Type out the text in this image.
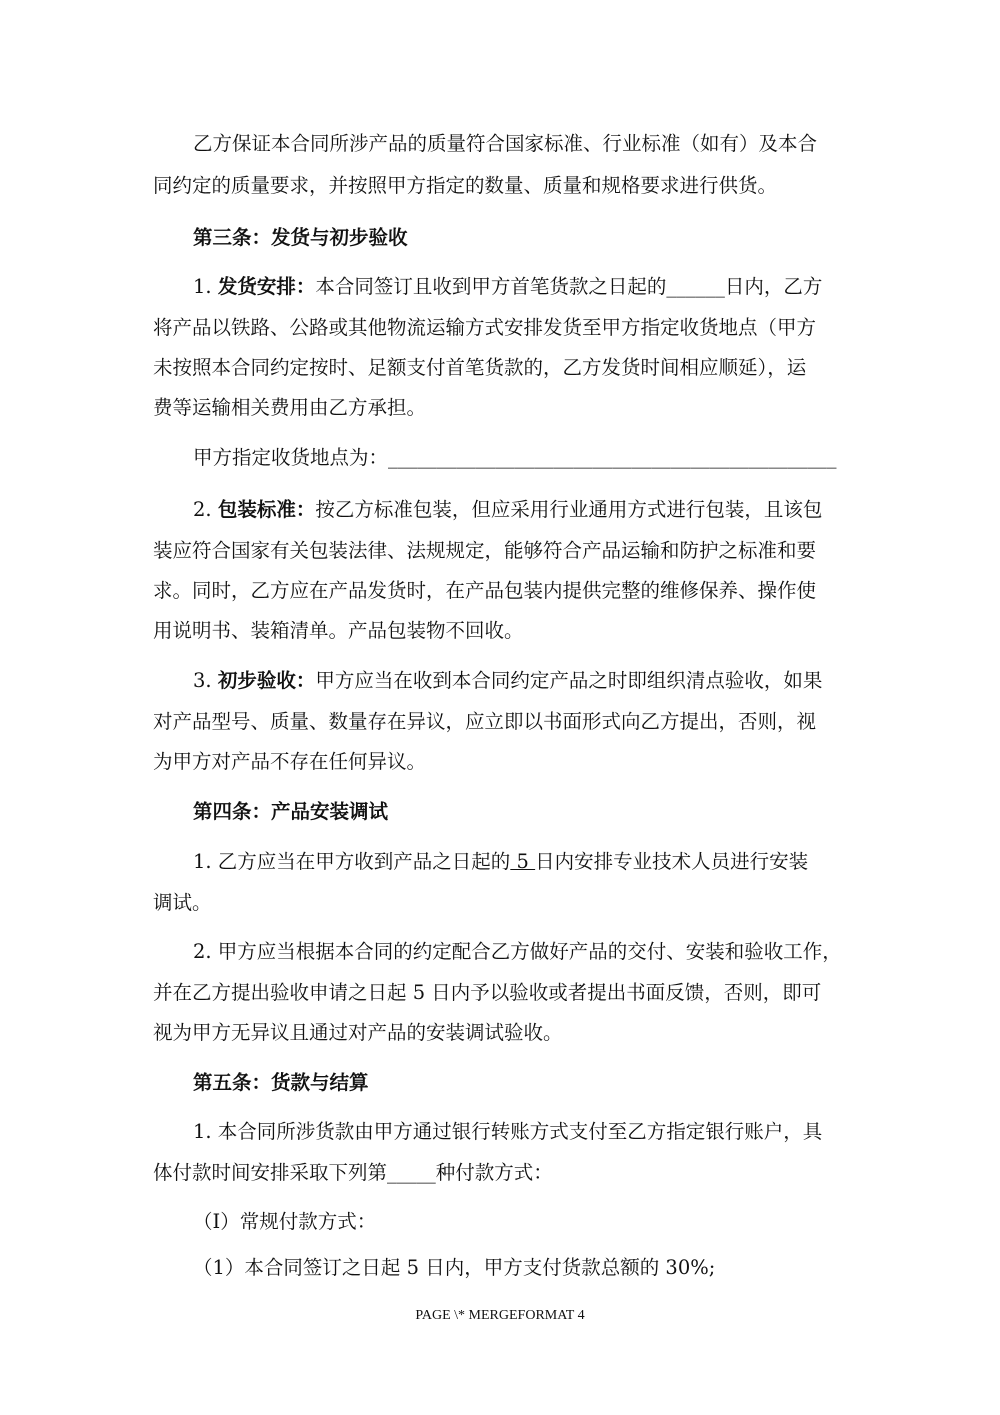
乙方保证本合同所涉产品的质量符合国家标准、行业标准（如有）及本合
同约定的质量要求，并按照甲方指定的数量、质量和规格要求进行供货。
第三条：发货与初步验收
1. 发货安排：本合同签订且收到甲方首笔货款之日起的______日内，乙方
将产品以铁路、公路或其他物流运输方式安排发货至甲方指定收货地点（甲方
未按照本合同约定按时、足额支付首笔货款的，乙方发货时间相应顺延），运
费等运输相关费用由乙方承担。
甲方指定收货地点为：______________________________________________
2. 包装标准：按乙方标准包装，但应采用行业通用方式进行包装，且该包
装应符合国家有关包装法律、法规规定，能够符合产品运输和防护之标准和要
求。同时，乙方应在产品发货时，在产品包装内提供完整的维修保养、操作使
用说明书、装箱清单。产品包装物不回收。
3. 初步验收：甲方应当在收到本合同约定产品之时即组织清点验收，如果
对产品型号、质量、数量存在异议，应立即以书面形式向乙方提出，否则，视
为甲方对产品不存在任何异议。
第四条：产品安装调试
1. 乙方应当在甲方收到产品之日起的 5 日内安排专业技术人员进行安装
调试。
2. 甲方应当根据本合同的约定配合乙方做好产品的交付、安装和验收工作，
并在乙方提出验收申请之日起 5 日内予以验收或者提出书面反馈，否则，即可
视为甲方无异议且通过对产品的安装调试验收。
第五条：货款与结算
1. 本合同所涉货款由甲方通过银行转账方式支付至乙方指定银行账户，具
体付款时间安排采取下列第_____种付款方式：
（Ⅰ）常规付款方式：
（1）本合同签订之日起 5 日内，甲方支付货款总额的 30%;
PAGE \* MERGEFORMAT 4
